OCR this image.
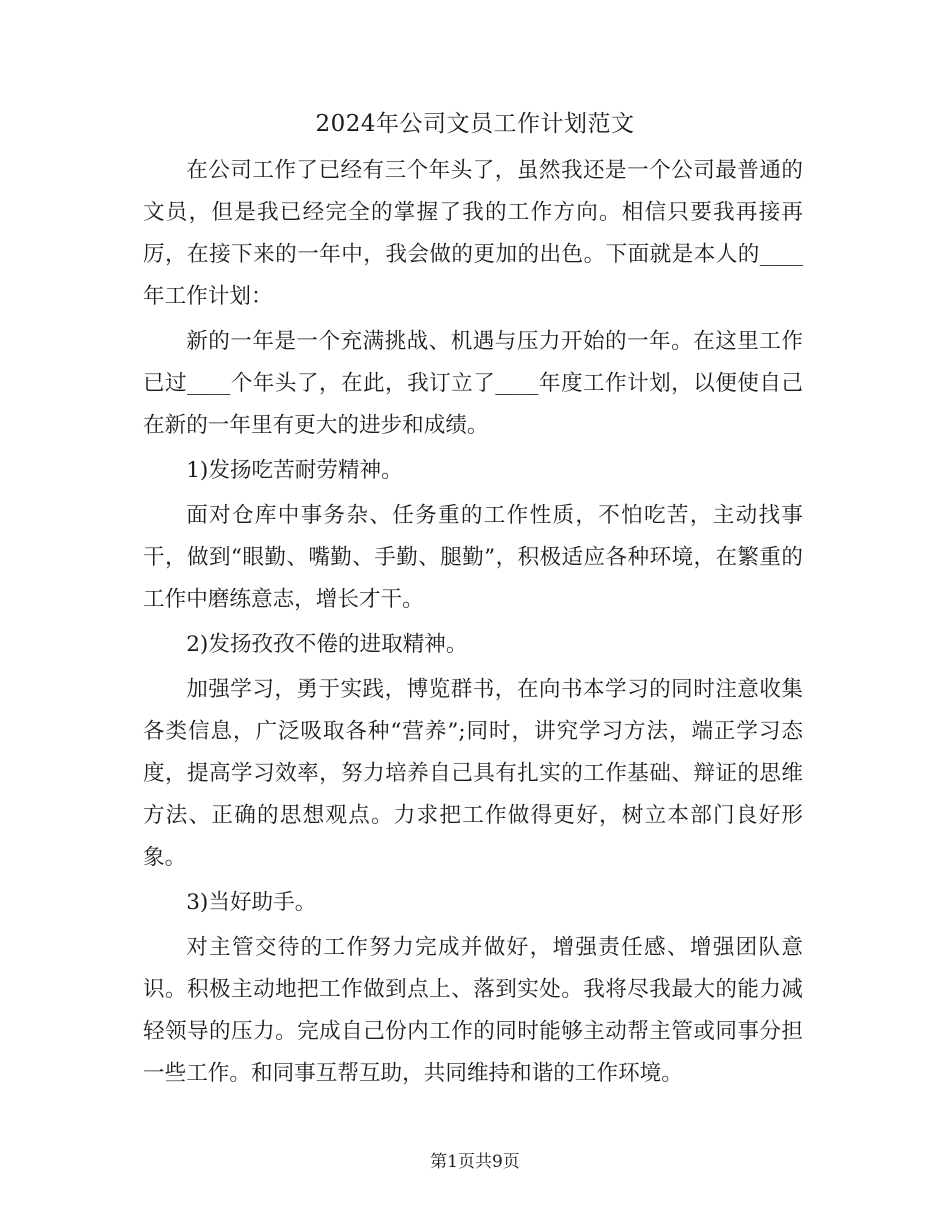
2024年公司文员工作计划范文

在公司工作了已经有三个年头了，虽然我还是一个公司最普通的文员，但是我已经完全的掌握了我的工作方向。相信只要我再接再厉，在接下来的一年中，我会做的更加的出色。下面就是本人的____年工作计划：

新的一年是一个充满挑战、机遇与压力开始的一年。在这里工作已过____个年头了，在此，我订立了____年度工作计划，以便使自己在新的一年里有更大的进步和成绩。

1)发扬吃苦耐劳精神。

面对仓库中事务杂、任务重的工作性质，不怕吃苦，主动找事干，做到“眼勤、嘴勤、手勤、腿勤”，积极适应各种环境，在繁重的工作中磨练意志，增长才干。

2)发扬孜孜不倦的进取精神。

加强学习，勇于实践，博览群书，在向书本学习的同时注意收集各类信息，广泛吸取各种“营养”;同时，讲究学习方法，端正学习态度，提高学习效率，努力培养自己具有扎实的工作基础、辩证的思维方法、正确的思想观点。力求把工作做得更好，树立本部门良好形象。

3)当好助手。

对主管交待的工作努力完成并做好，增强责任感、增强团队意识。积极主动地把工作做到点上、落到实处。我将尽我最大的能力减轻领导的压力。完成自己份内工作的同时能够主动帮主管或同事分担一些工作。和同事互帮互助，共同维持和谐的工作环境。

第1页共9页
